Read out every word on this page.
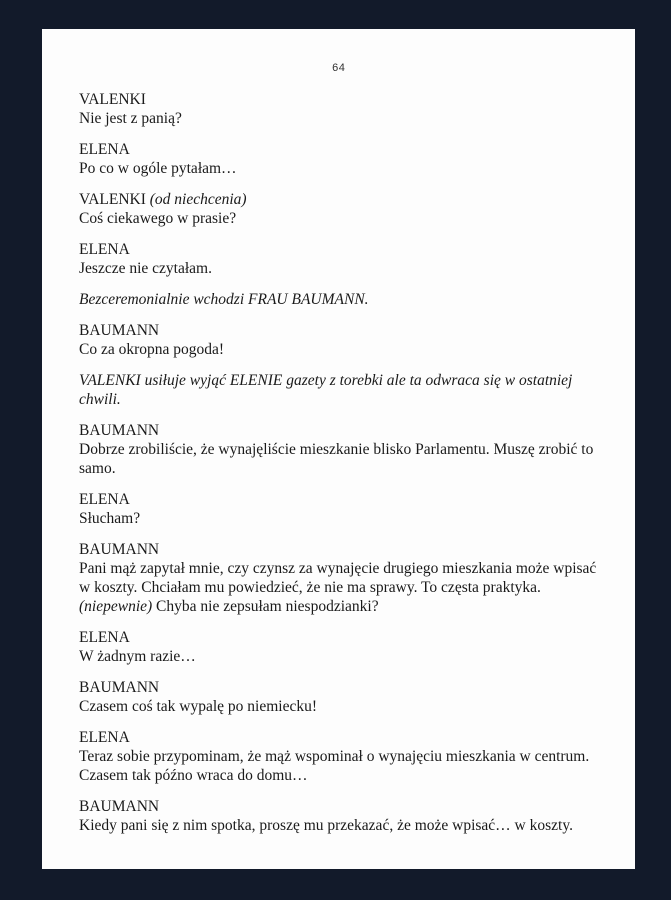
64
VALENKI
Nie jest z panią?
ELENA
Po co w ogóle pytałam…
VALENKI (od niechcenia)
Coś ciekawego w prasie?
ELENA
Jeszcze nie czytałam.
Bezceremonialnie wchodzi FRAU BAUMANN.
BAUMANN
Co za okropna pogoda!
VALENKI usiłuje wyjąć ELENIE gazety z torebki ale ta odwraca się w ostatniej chwili.
BAUMANN
Dobrze zrobiliście, że wynajęliście mieszkanie blisko Parlamentu. Muszę zrobić to samo.
ELENA
Słucham?
BAUMANN
Pani mąż zapytał mnie, czy czynsz za wynajęcie drugiego mieszkania może wpisać w koszty. Chciałam mu powiedzieć, że nie ma sprawy. To częsta praktyka. (niepewnie) Chyba nie zepsułam niespodzianki?
ELENA
W żadnym razie…
BAUMANN
Czasem coś tak wypalę po niemiecku!
ELENA
Teraz sobie przypominam, że mąż wspominał o wynajęciu mieszkania w centrum. Czasem tak późno wraca do domu…
BAUMANN
Kiedy pani się z nim spotka, proszę mu przekazać, że może wpisać… w koszty.
